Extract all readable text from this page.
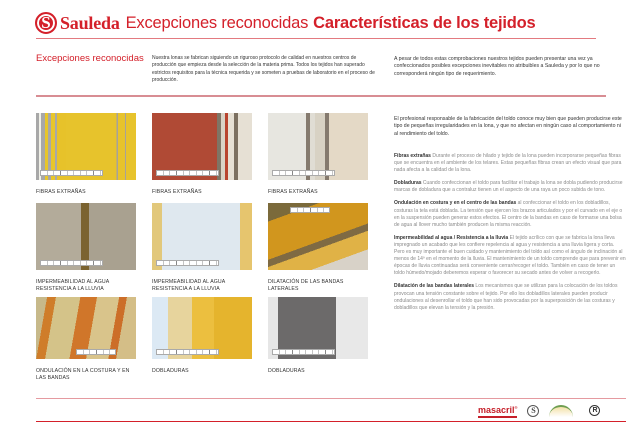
S Sauleda Excepciones reconocidas Características de los tejidos
Excepciones reconocidas Nuestra lonas se fabrican siguiendo un riguroso protocolo de calidad en nuestros centros de producción que empieza desde la selección de la materia prima. Todos los tejidos han superado estrictos requisitos para la técnica requerida y se someten a pruebas de laboratorio en el proceso de producción.

A pesar de todos estas comprobaciones nuestros tejidos pueden presentar una vez ya confeccionados posibles excepciones inevitables no atribuibles a Sauleda y por lo que no corresponderá ningún tipo de requerimiento.

FIBRAS EXTRAÑAS	FIBRAS EXTRAÑAS	FIBRAS EXTRAÑAS
IMPERMEABILIDAD AL AGUA RESISTENCIA A LA LLUVIA
IMPERMEABILIDAD AL AGUA RESISTENCIA A LA LLUVIA
DILATACIÓN DE LAS BANDAS LATERALES
ONDULACIÓN EN LA COSTURA Y EN LAS BANDAS
DOBLADURAS	DOBLADURAS

El profesional responsable de la fabricación del toldo conoce muy bien que pueden producirse este tipo de pequeñas irregularidades en la lona, y que no afectan en ningún caso al comportamiento ni al rendimiento del toldo.

Fibras extrañas Durante el proceso de hilado y tejido de la lona pueden incorporarse pequeñas fibras que se encuentra en el ambiente de los telares. Estas pequeñas fibras crean un efecto visual que para nada afecta a la calidad de la lona.

Dobladuras Cuando confeccionan el toldo para facilitar el trabajo la lona se dobla pudiendo producirse marcas de dobladura que a contraluz tienen un el aspecto de una raya un poco subida de tono.

Ondulación en costura y en el centro de las bandas al confeccionar el toldo en los dobladillos, costuras la tela está doblada. La tensión que ejercen los brazos articulados y por el curvado en el eje o en la suspensión pueden generar estos efectos. El centro de la bandas en caso de formarse una bolsa de agua al llover mucho también producen la misma reacción.

Impermeabilidad al agua / Resistencia a la lluvia El tejido acrílico con que se fabrica la lona lleva impregnado un acabado que les confiere repelencia al agua y resistencia a una lluvia ligera y corta. Pero es muy importante el buen cuidado y mantenimiento del toldo así como el ángulo de inclinación al menos de 14º en el momento de la lluvia. El mantenimiento de un toldo comprende que para prevenir en épocas de lluvia continuadas será conveniente cerrar/recoger el toldo. También en caso de tener un toldo húmedo/mojado deberemos esperar o favorecer su secado antes de volver a recogerlo.

Dilatación de las bandas laterales Los mecanismos que se utilizan para la colocación de los toldos provocan una tensión constante sobre el tejido. Por ello los dobladillos laterales pueden producir ondulaciones al desenrollar el toldo que han sido provocadas por la superposición de las costuras y dobladillos que elevan la tensión y la presión.

masacril®	S	R
